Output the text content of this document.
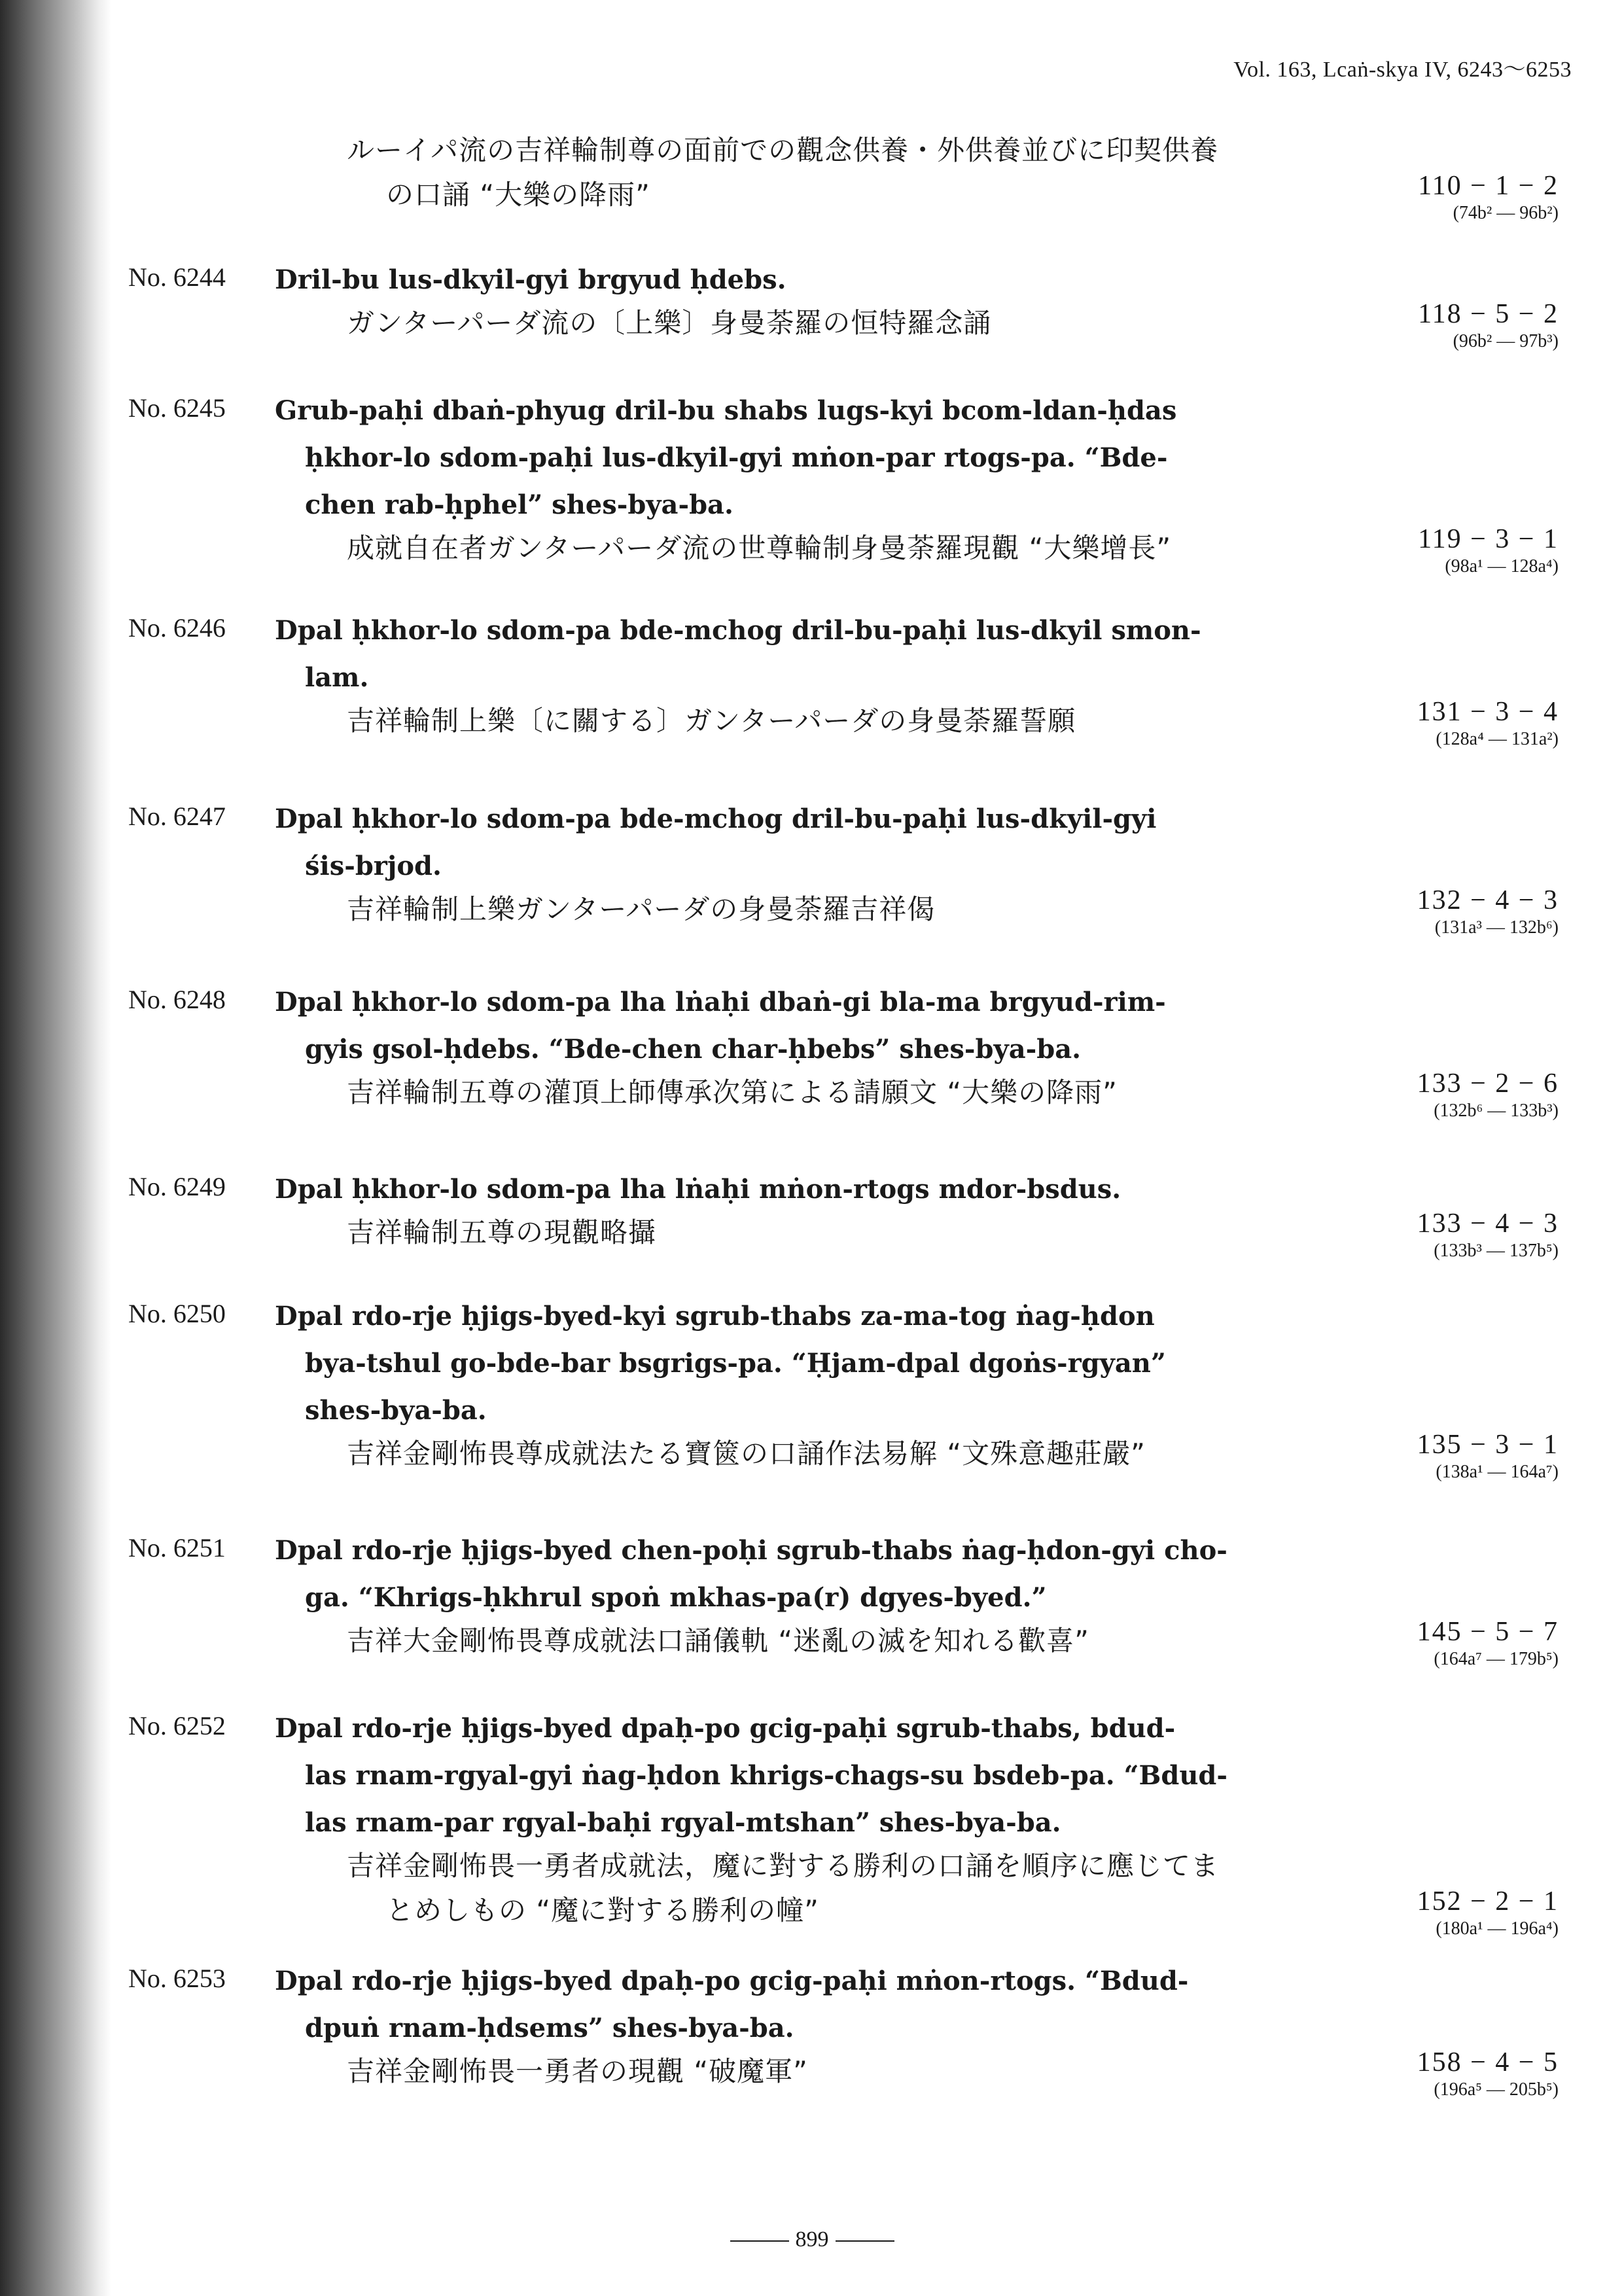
Vol. 163, Lcaṅ-skya IV, 6243〜6253
ルーイパ流の吉祥輪制尊の面前での觀念供養・外供養並びに印契供養
の口誦 “大樂の降雨”	110 − 1 − 2
(74b² — 96b²)
No. 6244 Dril-bu lus-dkyil-gyi brgyud ḥdebs.
ガンターパーダ流の〔上樂〕身曼荼羅の恒特羅念誦	118 − 5 − 2
(96b² — 97b³)
No. 6245 Grub-paḥi dbaṅ-phyug dril-bu shabs lugs-kyi bcom-ldan-ḥdas
ḥkhor-lo sdom-paḥi lus-dkyil-gyi mṅon-par rtogs-pa. “Bde-
chen rab-ḥphel” shes-bya-ba.
成就自在者ガンターパーダ流の世尊輪制身曼荼羅現觀 “大樂增長”	119 − 3 − 1
(98a¹ — 128a⁴)
No. 6246 Dpal ḥkhor-lo sdom-pa bde-mchog dril-bu-paḥi lus-dkyil smon-
lam.
吉祥輪制上樂〔に關する〕ガンターパーダの身曼荼羅誓願	131 − 3 − 4
(128a⁴ — 131a²)
No. 6247 Dpal ḥkhor-lo sdom-pa bde-mchog dril-bu-paḥi lus-dkyil-gyi
śis-brjod.
吉祥輪制上樂ガンターパーダの身曼荼羅吉祥偈	132 − 4 − 3
(131a³ — 132b⁶)
No. 6248 Dpal ḥkhor-lo sdom-pa lha lṅaḥi dbaṅ-gi bla-ma brgyud-rim-
gyis gsol-ḥdebs. “Bde-chen char-ḥbebs” shes-bya-ba.
吉祥輪制五尊の灌頂上師傳承次第による請願文 “大樂の降雨”	133 − 2 − 6
(132b⁶ — 133b³)
No. 6249 Dpal ḥkhor-lo sdom-pa lha lṅaḥi mṅon-rtogs mdor-bsdus.
吉祥輪制五尊の現觀略攝	133 − 4 − 3
(133b³ — 137b⁵)
No. 6250 Dpal rdo-rje ḥjigs-byed-kyi sgrub-thabs za-ma-tog ṅag-ḥdon
bya-tshul go-bde-bar bsgrigs-pa. “Ḥjam-dpal dgoṅs-rgyan”
shes-bya-ba.
吉祥金剛怖畏尊成就法たる寶篋の口誦作法易解 “文殊意趣莊嚴”	135 − 3 − 1
(138a¹ — 164a⁷)
No. 6251 Dpal rdo-rje ḥjigs-byed chen-poḥi sgrub-thabs ṅag-ḥdon-gyi cho-
ga. “Khrigs-ḥkhrul spoṅ mkhas-pa(r) dgyes-byed.”
吉祥大金剛怖畏尊成就法口誦儀軌 “迷亂の滅を知れる歡喜”	145 − 5 − 7
(164a⁷ — 179b⁵)
No. 6252 Dpal rdo-rje ḥjigs-byed dpaḥ-po gcig-paḥi sgrub-thabs, bdud-
las rnam-rgyal-gyi ṅag-ḥdon khrigs-chags-su bsdeb-pa. “Bdud-
las rnam-par rgyal-baḥi rgyal-mtshan” shes-bya-ba.
吉祥金剛怖畏一勇者成就法，魔に對する勝利の口誦を順序に應じてま
とめしもの “魔に對する勝利の幢”	152 − 2 − 1
(180a¹ — 196a⁴)
No. 6253 Dpal rdo-rje ḥjigs-byed dpaḥ-po gcig-paḥi mṅon-rtogs. “Bdud-
dpuṅ rnam-ḥdsems” shes-bya-ba.
吉祥金剛怖畏一勇者の現觀 “破魔軍”	158 − 4 − 5
(196a⁵ — 205b⁵)
899
